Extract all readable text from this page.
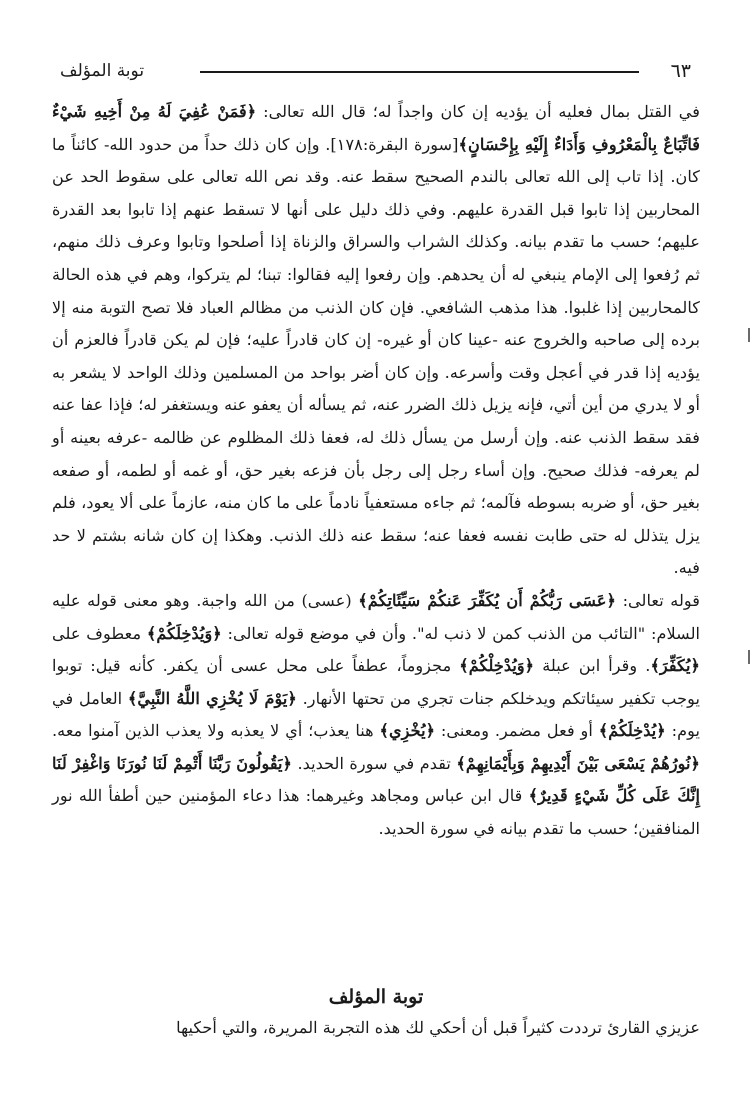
٦٣
توبة المؤلف

في القتل بمال فعليه أن يؤديه إن كان واجداً له؛ قال الله تعالى: ﴿فَمَنْ عُفِيَ لَهُ مِنْ أَخِيهِ شَيْءٌ فَاتِّبَاعٌ بِالْمَعْرُوفِ وَأَدَاءٌ إِلَيْهِ بِإِحْسَانٍ﴾[سورة البقرة:١٧٨]. وإن كان ذلك حداً من حدود الله- كائناً ما كان. إذا تاب إلى الله تعالى بالندم الصحيح سقط عنه. وقد نص الله تعالى على سقوط الحد عن المحاربين إذا تابوا قبل القدرة عليهم. وفي ذلك دليل على أنها لا تسقط عنهم إذا تابوا بعد القدرة عليهم؛ حسب ما تقدم بيانه. وكذلك الشراب والسراق والزناة إذا أصلحوا وتابوا وعرف ذلك منهم، ثم رُفعوا إلى الإمام ينبغي له أن يحدهم. وإن رفعوا إليه فقالوا: تبنا؛ لم يتركوا، وهم في هذه الحالة كالمحاربين إذا غلبوا. هذا مذهب الشافعي. فإن كان الذنب من مظالم العباد فلا تصح التوبة منه إلا برده إلى صاحبه والخروج عنه -عينا كان أو غيره- إن كان قادراً عليه؛ فإن لم يكن قادراً فالعزم أن يؤديه إذا قدر في أعجل وقت وأسرعه. وإن كان أضر بواحد من المسلمين وذلك الواحد لا يشعر به أو لا يدري من أين أتي، فإنه يزيل ذلك الضرر عنه، ثم يسأله أن يعفو عنه ويستغفر له؛ فإذا عفا عنه فقد سقط الذنب عنه. وإن أرسل من يسأل ذلك له، فعفا ذلك المظلوم عن ظالمه -عرفه بعينه أو لم يعرفه- فذلك صحيح. وإن أساء رجل إلى رجل بأن فزعه بغير حق، أو غمه أو لطمه، أو صفعه بغير حق، أو ضربه بسوطه فآلمه؛ ثم جاءه مستعفياً نادماً على ما كان منه، عازماً على ألا يعود، فلم يزل يتذلل له حتى طابت نفسه فعفا عنه؛ سقط عنه ذلك الذنب. وهكذا إن كان شانه بشتم لا حد فيه.

قوله تعالى: ﴿عَسَى رَبُّكُمْ أَن يُكَفِّرَ عَنكُمْ سَيِّئَاتِكُمْ﴾ (عسى) من الله واجبة. وهو معنى قوله عليه السلام: "التائب من الذنب كمن لا ذنب له". وأن في موضع قوله تعالى: ﴿وَيُدْخِلَكُمْ﴾ معطوف على ﴿يُكَفِّرَ﴾. وقرأ ابن عبلة ﴿وَيُدْخِلْكُمْ﴾ مجزوماً، عطفاً على محل عسى أن يكفر. كأنه قيل: توبوا يوجب تكفير سيئاتكم ويدخلكم جنات تجري من تحتها الأنهار. ﴿يَوْمَ لَا يُخْزِي اللَّهُ النَّبِيَّ﴾ العامل في يوم: ﴿يُدْخِلَكُمْ﴾ أو فعل مضمر. ومعنى: ﴿يُخْزِي﴾ هنا يعذب؛ أي لا يعذبه ولا يعذب الذين آمنوا معه. ﴿نُورُهُمْ يَسْعَى بَيْنَ أَيْدِيهِمْ وَبِأَيْمَانِهِمْ﴾ تقدم في سورة الحديد. ﴿يَقُولُونَ رَبَّنَا أَتْمِمْ لَنَا نُورَنَا وَاغْفِرْ لَنَا إِنَّكَ عَلَى كُلِّ شَيْءٍ قَدِيرٌ﴾ قال ابن عباس ومجاهد وغيرهما: هذا دعاء المؤمنين حين أطفأ الله نور المنافقين؛ حسب ما تقدم بيانه في سورة الحديد.

توبة المؤلف
عزيزي القارئ ترددت كثيراً قبل أن أحكي لك هذه التجربة المريرة، والتي أحكيها
